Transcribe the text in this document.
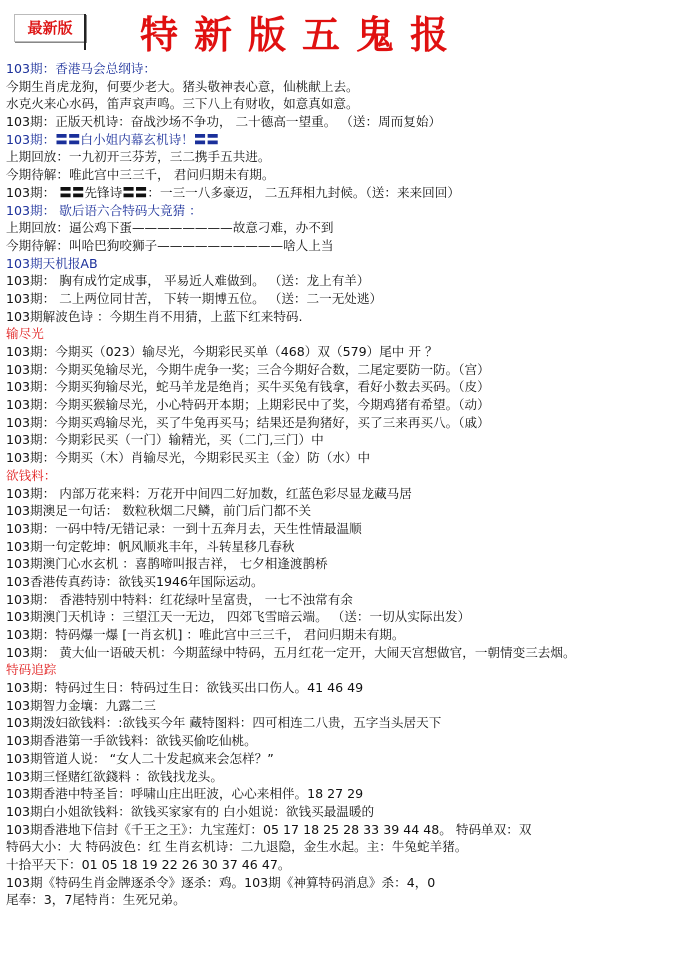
最新版	特新版五鬼报
103期：香港马会总纲诗：
今期生肖虎龙狗，何要少老大。猪头敬神表心意，仙桃献上去。
水克火来心水码，笛声哀声鸣。三下八上有财收，如意真如意。
103期：正版天机诗：奋战沙场不争功， 二十德高一望重。 （送：周而复始）
103期：〓〓白小姐内幕玄机诗！〓〓
上期回放：一九初开三芬芳，三二携手五共进。
今期待解：唯此宫中三三千， 君问归期未有期。
103期： 〓〓先锋诗〓〓：一三一八多豪迈， 二五拜相九封候。（送：来来回回）
103期： 歇后语六合特码大竟猜 ：
上期回放：逼公鸡下蛋————————故意刁难，办不到
今期待解：叫哈巴狗咬狮子——————————啥人上当
103期天机报AB
103期： 胸有成竹定成事， 平易近人难做到。 （送：龙上有羊）
103期： 二上两位同甘苦， 下转一期博五位。 （送：二一无处逃）
103期解波色诗 ：今期生肖不用猜，上蓝下红来特码.
输尽光
103期：今期买（023）输尽光，今期彩民买单（468）双（579）尾中 开 ？
103期：今期买兔输尽光，今期牛虎争一奖；三合今期好合数，二尾定要防一防。（宫）
103期：今期买狗输尽光，蛇马羊龙是绝肖；买牛买兔有钱拿，看好小数去买码。（皮）
103期：今期买猴输尽光，小心特码开本期；上期彩民中了奖，今期鸡猪有希望。（动）
103期：今期买鸡输尽光，买了牛兔再买马；结果还是狗猪好，买了三来再买八。（戚）
103期：今期彩民买（一门）输精光，买（二门,三门）中
103期：今期买（木）肖输尽光，今期彩民买主（金）防（水）中
欲钱料：
103期： 内部万花来料：万花开中间四二好加数，红蓝色彩尽显龙藏马居
103期澳足一句话： 数粒秋烟二尺鳞，前门后门都不关
103期：一码中特/无错记录：一到十五奔月去，天生性情最温顺
103期一句定乾坤：帆风顺兆丰年，斗转星移几春秋
103期澳门心水玄机 ：喜鹊啼叫报吉祥， 七夕相逢渡鹊桥
103香港传真药诗：欲钱买1946年国际运动。
103期： 香港特别中特料：红花绿叶呈富贵， 一七不浊常有余
103期澳门天机诗 ：三望江天一无边， 四郊飞雪暗云端。 （送：一切从实际出发）
103期：特码爆一爆 [一肖玄机] ：唯此宫中三三千， 君问归期未有期。
103期： 黄大仙一语破天机：今期蓝绿中特码，五月红花一定开，大闹天宫想做官，一朝情变三去烟。
特码追踪
103期：特码过生日：特码过生日：欲钱买出口伤人。41 46 49
103期智力金壤：九露二三
103期泼妇欲钱料：:欲钱买今年 藏特图料：四可相连二八贵，五字当头居天下
103期香港第一手欲钱料：欲钱买偷吃仙桃。
103期管道人说： “女人二十发起疯来会怎样？”
103期三怪赌红欲錢料 ：欲钱找龙头。
103期香港中特圣旨：呼啸山庄出旺波，心心来相伴。18 27 29
103期白小姐欲钱料：欲钱买家家有的 白小姐说：欲钱买最温暖的
103期香港地下信封《千王之王》：九宝莲灯：05 17 18 25 28 33 39 44 48。 特码单双：双
特码大小：大 特码波色：红 生肖玄机诗：二九退隐，金生水起。主：牛兔蛇羊猪。
十拾平天下：01 05 18 19 22 26 30 37 46 47。
103期《特码生肖金牌逐杀令》逐杀：鸡。103期《神算特码消息》杀：4，0
尾奉：3，7尾特肖：生死兄弟。
